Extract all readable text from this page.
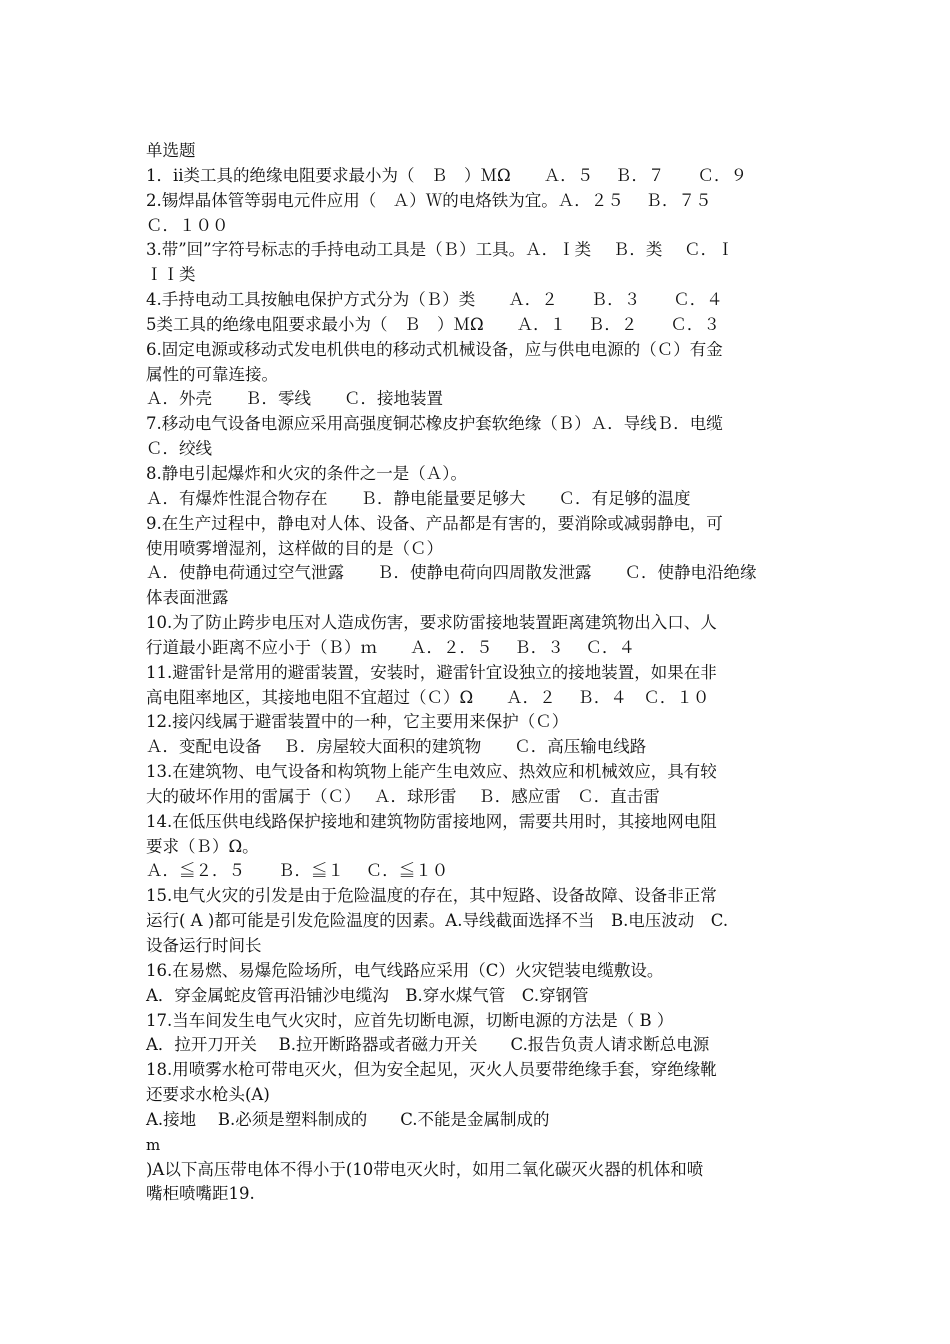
单选题
1．ⅱ类工具的绝缘电阻要求最小为（　Ｂ　）ＭΩ　　Ａ．５　 Ｂ．７　　Ｃ．９
2.锡焊晶体管等弱电元件应用（　Ａ）Ｗ的电烙铁为宜。Ａ．２５　 Ｂ．７５
Ｃ．１００
3.带”回”字符号标志的手持电动工具是（Ｂ）工具。Ａ．Ｉ类　 Ｂ．类　 Ｃ．Ｉ
ＩＩ类
4.手持电动工具按触电保护方式分为（Ｂ）类　　Ａ．２　　Ｂ．３　　Ｃ．４
5类工具的绝缘电阻要求最小为（　Ｂ　）ＭΩ　　Ａ．１　 Ｂ．２　　Ｃ．３
6.固定电源或移动式发电机供电的移动式机械设备，应与供电电源的（Ｃ）有金
属性的可靠连接。
Ａ．外壳　　Ｂ．零线　　Ｃ．接地装置
7.移动电气设备电源应采用高强度铜芯橡皮护套软绝缘（Ｂ）Ａ．导线Ｂ．电缆
Ｃ．绞线
8.静电引起爆炸和火灾的条件之一是（Ａ）。
Ａ．有爆炸性混合物存在　　Ｂ．静电能量要足够大　　Ｃ．有足够的温度
9.在生产过程中，静电对人体、设备、产品都是有害的，要消除或减弱静电，可
使用喷雾增湿剂，这样做的目的是（Ｃ）
Ａ．使静电荷通过空气泄露　　Ｂ．使静电荷向四周散发泄露　　Ｃ．使静电沿绝缘
体表面泄露
10.为了防止跨步电压对人造成伤害，要求防雷接地装置距离建筑物出入口、人
行道最小距离不应小于（Ｂ）ｍ　　Ａ．２．５　 Ｂ．３　 Ｃ．４
11.避雷针是常用的避雷装置，安装时，避雷针宜设独立的接地装置，如果在非
高电阻率地区，其接地电阻不宜超过（Ｃ）Ω　　Ａ．２　 Ｂ．４　Ｃ．１０
12.接闪线属于避雷装置中的一种，它主要用来保护（Ｃ）
Ａ．变配电设备　 Ｂ．房屋较大面积的建筑物　　Ｃ．高压输电线路
13.在建筑物、电气设备和构筑物上能产生电效应、热效应和机械效应，具有较
大的破坏作用的雷属于（Ｃ）　 Ａ．球形雷　 Ｂ．感应雷　Ｃ．直击雷
14.在低压供电线路保护接地和建筑物防雷接地网，需要共用时，其接地网电阻
要求（Ｂ）Ω。
Ａ．≦２．５　　Ｂ．≦１　 Ｃ．≦１０
15.电气火灾的引发是由于危险温度的存在，其中短路、设备故障、设备非正常
运行( A )都可能是引发危险温度的因素。A.导线截面选择不当　B.电压波动　C.
设备运行时间长
16.在易燃、易爆危险场所，电气线路应采用（C）火灾铠装电缆敷设。
A．穿金属蛇皮管再沿铺沙电缆沟　B.穿水煤气管　C.穿钢管
17.当车间发生电气火灾时，应首先切断电源，切断电源的方法是（ B ）
A．拉开刀开关　 B.拉开断路器或者磁力开关　　C.报告负责人请求断总电源
18.用喷雾水枪可带电灭火，但为安全起见，灭火人员要带绝缘手套，穿绝缘靴
还要求水枪头(A)
A.接地　 B.必须是塑料制成的　　C.不能是金属制成的
m
)A以下高压带电体不得小于(10带电灭火时，如用二氧化碳灭火器的机体和喷
嘴柜喷嘴距19.
